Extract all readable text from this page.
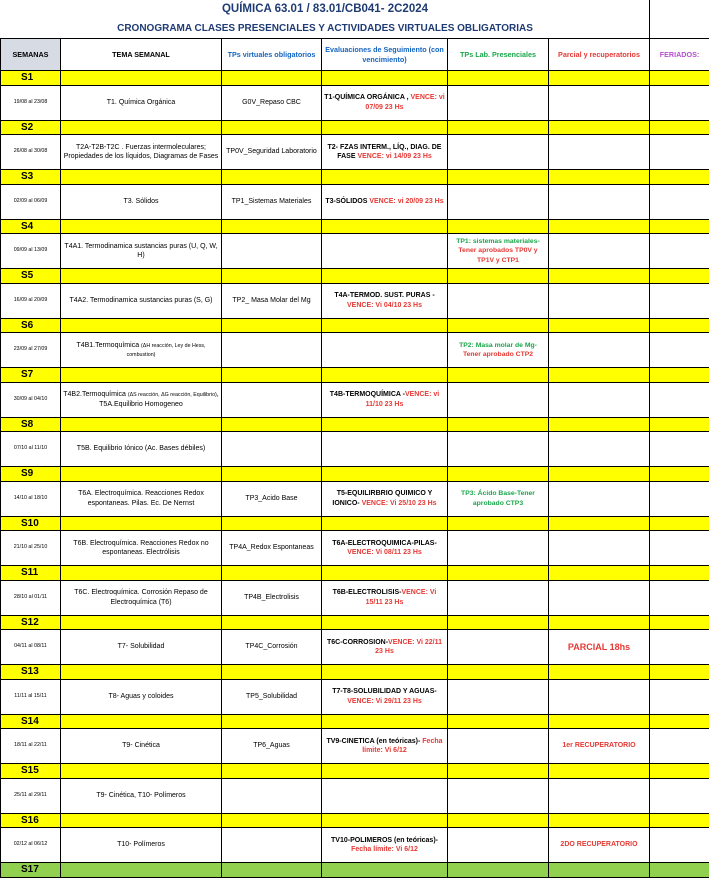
QUÍMICA 63.01 / 83.01/CB041- 2C2024
CRONOGRAMA CLASES PRESENCIALES Y ACTIVIDADES VIRTUALES OBLIGATORIAS
SEMANAS	TEMA SEMANAL	TPs virtuales obligatorios	Evaluaciones de Seguimiento (con vencimiento)	TPs Lab. Presenciales	Parcial y recuperatorios	FERIADOS:
S1						
19/08 al 23/08	T1. Química Orgánica	G0V_Repaso CBC	T1-QUÍMICA ORGÁNICA , VENCE: vi 07/09 23 Hs			
S2						
26/08 al 30/08	T2A-T2B-T2C . Fuerzas intermoleculares; Propiedades de los líquidos, Diagramas de Fases	TP0V_Seguridad Laboratorio	T2- FZAS INTERM., LÍQ., DIAG. DE FASE VENCE: vi 14/09 23 Hs			
S3						
02/09 al 06/09	T3. Sólidos	TP1_Sistemas Materiales	T3-SÓLIDOS VENCE: vi 20/09 23 Hs			
S4						
09/09 al 13/09	T4A1. Termodinamica sustancias puras (U, Q, W, H)			TP1: sistemas materiales- Tener aprobados TP0V y TP1V y CTP1		
S5						
16/09 al 20/09	T4A2. Termodinamica sustancias puras (S, G)	TP2_ Masa Molar del Mg	T4A-TERMOD. SUST. PURAS - VENCE: Vi 04/10 23 Hs			
S6						
23/09 al 27/09	T4B1.Termoquímica (ΔH reacción, Ley de Hess, combustion)			TP2: Masa molar de Mg- Tener aprobado CTP2		
S7						
30/09 al 04/10	T4B2.Termoquímica (ΔS reacción, ΔG reacción, Equilibrio), T5A.Equilibrio Homogeneo		T4B-TERMOQUÍMICA -VENCE: vi 11/10 23 Hs			
S8						
07/10 al 11/10	T5B. Equilibrio Iónico (Ac. Bases débiles)					
S9						
14/10 al 18/10	T6A. Electroquímica. Reacciones Redox espontaneas. Pilas. Ec. De Nernst	TP3_Acido Base	T5-EQUILIRBRIO QUIMICO Y IONICO- VENCE: Vi 25/10 23 Hs	TP3: Ácido Base-Tener aprobado CTP3		
S10						
21/10 al 25/10	T6B. Electroquímica. Reacciones Redox no espontaneas. Electrólisis	TP4A_Redox Espontaneas	T6A-ELECTROQUIMICA-PILAS- VENCE: Vi 08/11 23 Hs			
S11						
28/10 al 01/11	T6C. Electroquímica. Corrosión Repaso de Electroquímica (T6)	TP4B_Electrolisis	T6B-ELECTROLISIS-VENCE: Vi 15/11 23 Hs			
S12						
04/11 al 08/11	T7- Solubilidad	TP4C_Corrosión	T6C-CORROSION-VENCE: Vi 22/11 23 Hs		PARCIAL 18hs	
S13						
11/11 al 15/11	T8- Aguas y coloides	TP5_Solubilidad	T7-T8-SOLUBILIDAD Y AGUAS- VENCE: Vi 29/11 23 Hs			
S14						
18/11 al 22/11	T9- Cinética	TP6_Aguas	TV9-CINETICA (en teóricas)- Fecha límite: Vi 6/12		1er RECUPERATORIO	
S15						
25/11 al 29/11	T9- Cinética, T10- Polímeros					
S16						
02/12 al 06/12	T10- Polímeros		TV10-POLIMEROS (en teóricas)- Fecha límite: Vi 6/12		2DO RECUPERATORIO	
S17						
